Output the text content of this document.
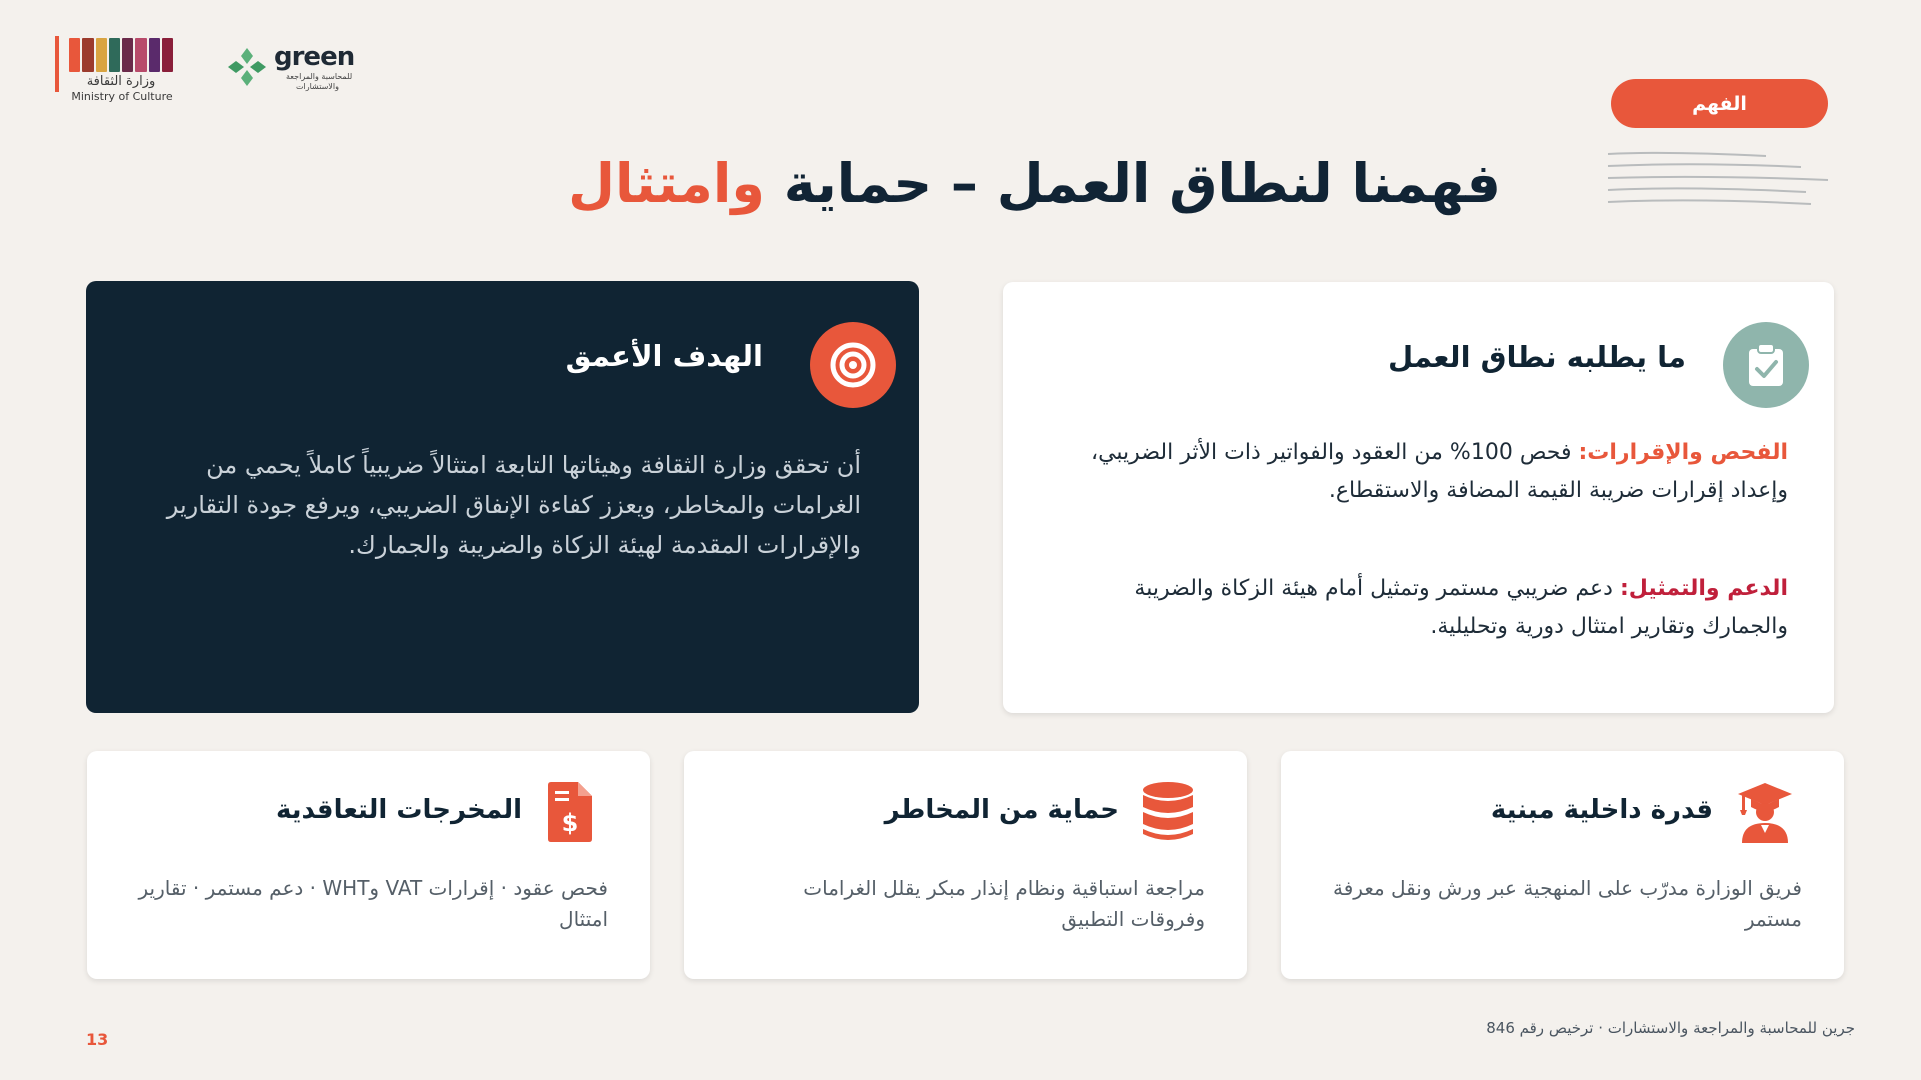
وزارة الثقافة
Ministry of Culture
green
للمحاسبة والمراجعة
والاستشارات
الفهم
فهمنا لنطاق العمل – حماية وامتثال
ما يطلبه نطاق العمل
الفحص والإقرارات: فحص 100% من العقود والفواتير ذات الأثر الضريبي، وإعداد إقرارات ضريبة القيمة المضافة والاستقطاع.
الدعم والتمثيل: دعم ضريبي مستمر وتمثيل أمام هيئة الزكاة والضريبة والجمارك وتقارير امتثال دورية وتحليلية.
الهدف الأعمق
أن تحقق وزارة الثقافة وهيئاتها التابعة امتثالاً ضريبياً كاملاً يحمي من الغرامات والمخاطر، ويعزز كفاءة الإنفاق الضريبي، ويرفع جودة التقارير والإقرارات المقدمة لهيئة الزكاة والضريبة والجمارك.
قدرة داخلية مبنية
فريق الوزارة مدرّب على المنهجية عبر ورش ونقل معرفة مستمر
حماية من المخاطر
مراجعة استباقية ونظام إنذار مبكر يقلل الغرامات وفروقات التطبيق
$
المخرجات التعاقدية
فحص عقود · إقرارات VAT وWHT · دعم مستمر · تقارير امتثال
13
جرين للمحاسبة والمراجعة والاستشارات · ترخيص رقم 846
